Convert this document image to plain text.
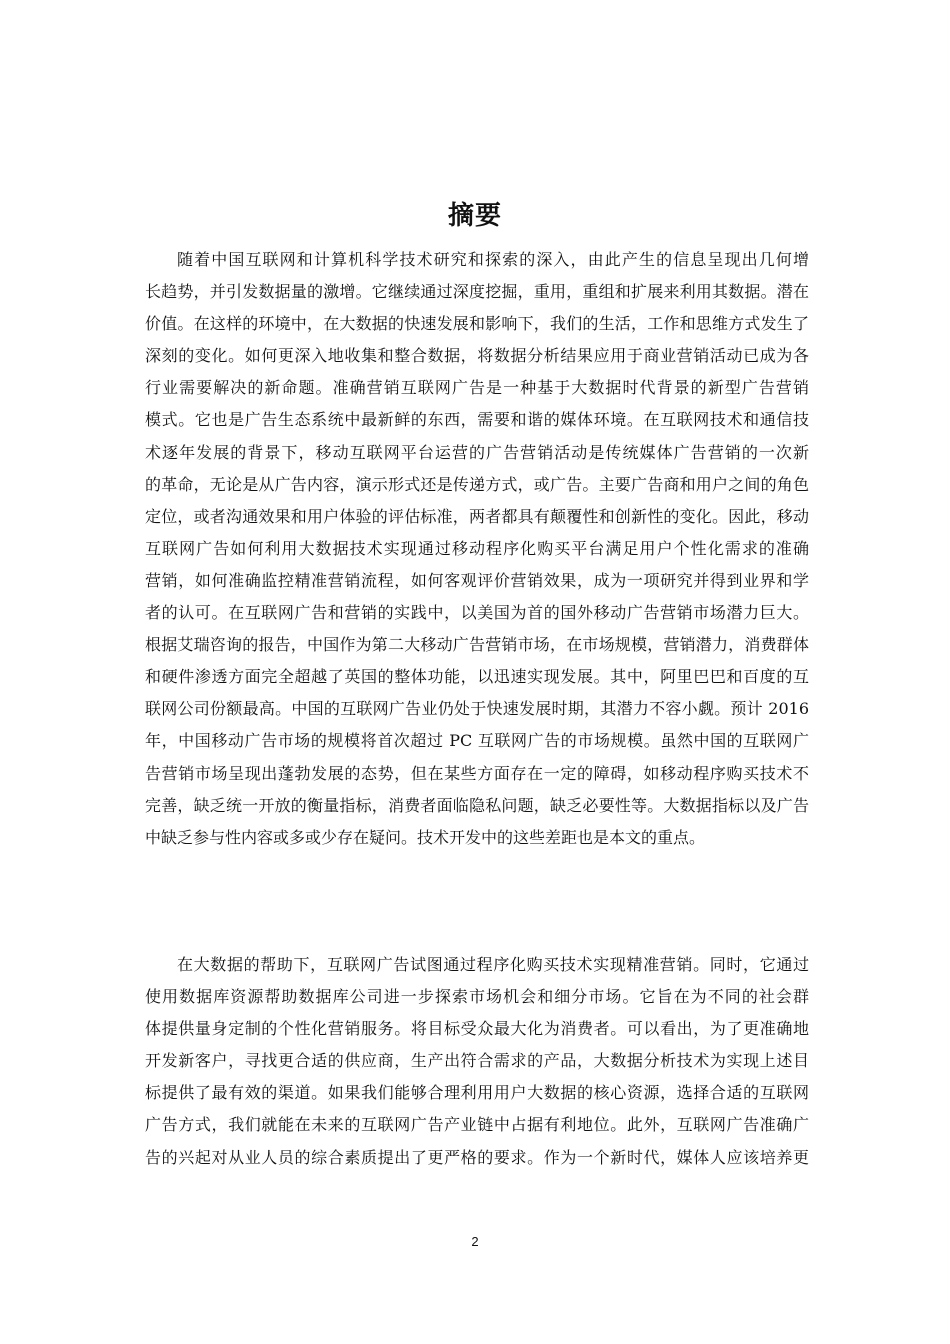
摘要
随着中国互联网和计算机科学技术研究和探索的深入，由此产生的信息呈现出几何增
长趋势，并引发数据量的激增。它继续通过深度挖掘，重用，重组和扩展来利用其数据。潜在
价值。在这样的环境中，在大数据的快速发展和影响下，我们的生活，工作和思维方式发生了
深刻的变化。如何更深入地收集和整合数据，将数据分析结果应用于商业营销活动已成为各
行业需要解决的新命题。准确营销互联网广告是一种基于大数据时代背景的新型广告营销
模式。它也是广告生态系统中最新鲜的东西，需要和谐的媒体环境。在互联网技术和通信技
术逐年发展的背景下，移动互联网平台运营的广告营销活动是传统媒体广告营销的一次新
的革命，无论是从广告内容，演示形式还是传递方式，或广告。主要广告商和用户之间的角色
定位，或者沟通效果和用户体验的评估标准，两者都具有颠覆性和创新性的变化。因此，移动
互联网广告如何利用大数据技术实现通过移动程序化购买平台满足用户个性化需求的准确
营销，如何准确监控精准营销流程，如何客观评价营销效果，成为一项研究并得到业界和学
者的认可。在互联网广告和营销的实践中，以美国为首的国外移动广告营销市场潜力巨大。
根据艾瑞咨询的报告，中国作为第二大移动广告营销市场，在市场规模，营销潜力，消费群体
和硬件渗透方面完全超越了英国的整体功能，以迅速实现发展。其中，阿里巴巴和百度的互
联网公司份额最高。中国的互联网广告业仍处于快速发展时期，其潜力不容小觑。预计 2016
年，中国移动广告市场的规模将首次超过 PC 互联网广告的市场规模。虽然中国的互联网广
告营销市场呈现出蓬勃发展的态势，但在某些方面存在一定的障碍，如移动程序购买技术不
完善，缺乏统一开放的衡量指标，消费者面临隐私问题，缺乏必要性等。大数据指标以及广告
中缺乏参与性内容或多或少存在疑问。技术开发中的这些差距也是本文的重点。
在大数据的帮助下，互联网广告试图通过程序化购买技术实现精准营销。同时，它通过
使用数据库资源帮助数据库公司进一步探索市场机会和细分市场。它旨在为不同的社会群
体提供量身定制的个性化营销服务。将目标受众最大化为消费者。可以看出，为了更准确地
开发新客户，寻找更合适的供应商，生产出符合需求的产品，大数据分析技术为实现上述目
标提供了最有效的渠道。如果我们能够合理利用用户大数据的核心资源，选择合适的互联网
广告方式，我们就能在未来的互联网广告产业链中占据有利地位。此外，互联网广告准确广
告的兴起对从业人员的综合素质提出了更严格的要求。作为一个新时代，媒体人应该培养更

2
